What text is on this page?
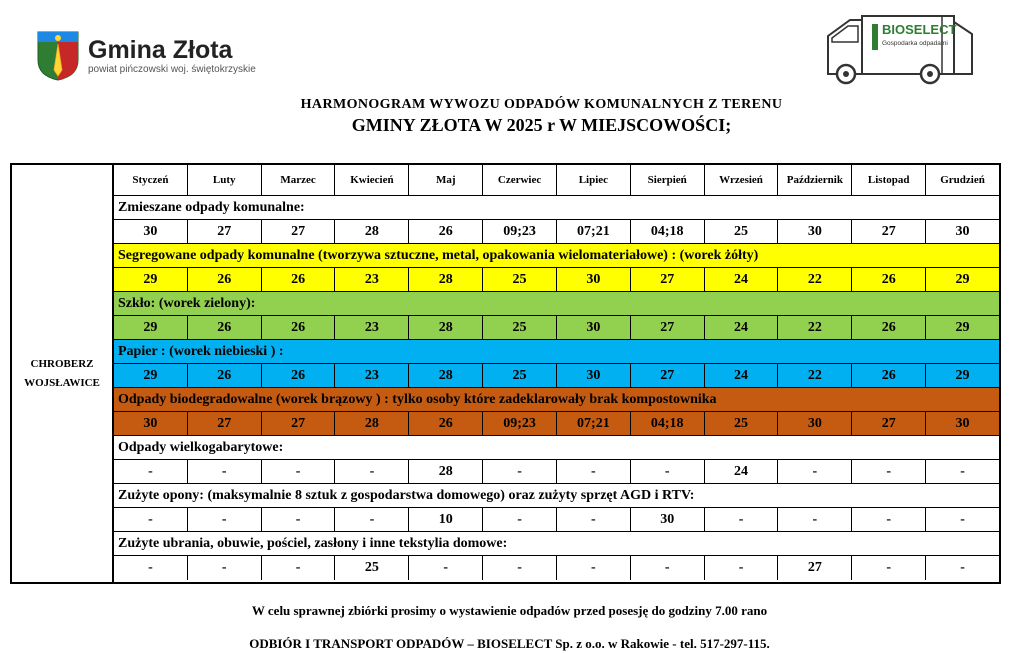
Gmina Złota
powiat pińczowski woj. świętokrzyskie
BIOSELECT
Gospodarka odpadami
HARMONOGRAM WYWOZU ODPADÓW KOMUNALNYCH Z TERENU
GMINY ZŁOTA W 2025 r W MIEJSCOWOŚCI;
CHROBERZ
WOJSŁAWICE
Styczeń	Luty	Marzec	Kwiecień	Maj	Czerwiec	Lipiec	Sierpień	Wrzesień	Październik	Listopad	Grudzień
Zmieszane odpady komunalne:
30	27	27	28	26	09;23	07;21	04;18	25	30	27	30
Segregowane odpady komunalne (tworzywa sztuczne, metal, opakowania wielomateriałowe) : (worek żółty)
29	26	26	23	28	25	30	27	24	22	26	29
Szkło: (worek zielony):
29	26	26	23	28	25	30	27	24	22	26	29
Papier : (worek niebieski ) :
29	26	26	23	28	25	30	27	24	22	26	29
Odpady biodegradowalne (worek brązowy ) : tylko osoby które zadeklarowały brak kompostownika
30	27	27	28	26	09;23	07;21	04;18	25	30	27	30
Odpady wielkogabarytowe:
-	-	-	-	28	-	-	-	24	-	-	-
Zużyte opony: (maksymalnie 8 sztuk z gospodarstwa domowego) oraz zużyty sprzęt AGD i RTV:
-	-	-	-	10	-	-	30	-	-	-	-
Zużyte ubrania, obuwie, pościel, zasłony i inne tekstylia domowe:
-	-	-	25	-	-	-	-	-	27	-	-
W celu sprawnej zbiórki prosimy o wystawienie odpadów przed posesję do godziny 7.00 rano
ODBIÓR I TRANSPORT ODPADÓW – BIOSELECT Sp. z o.o. w Rakowie - tel. 517-297-115.
